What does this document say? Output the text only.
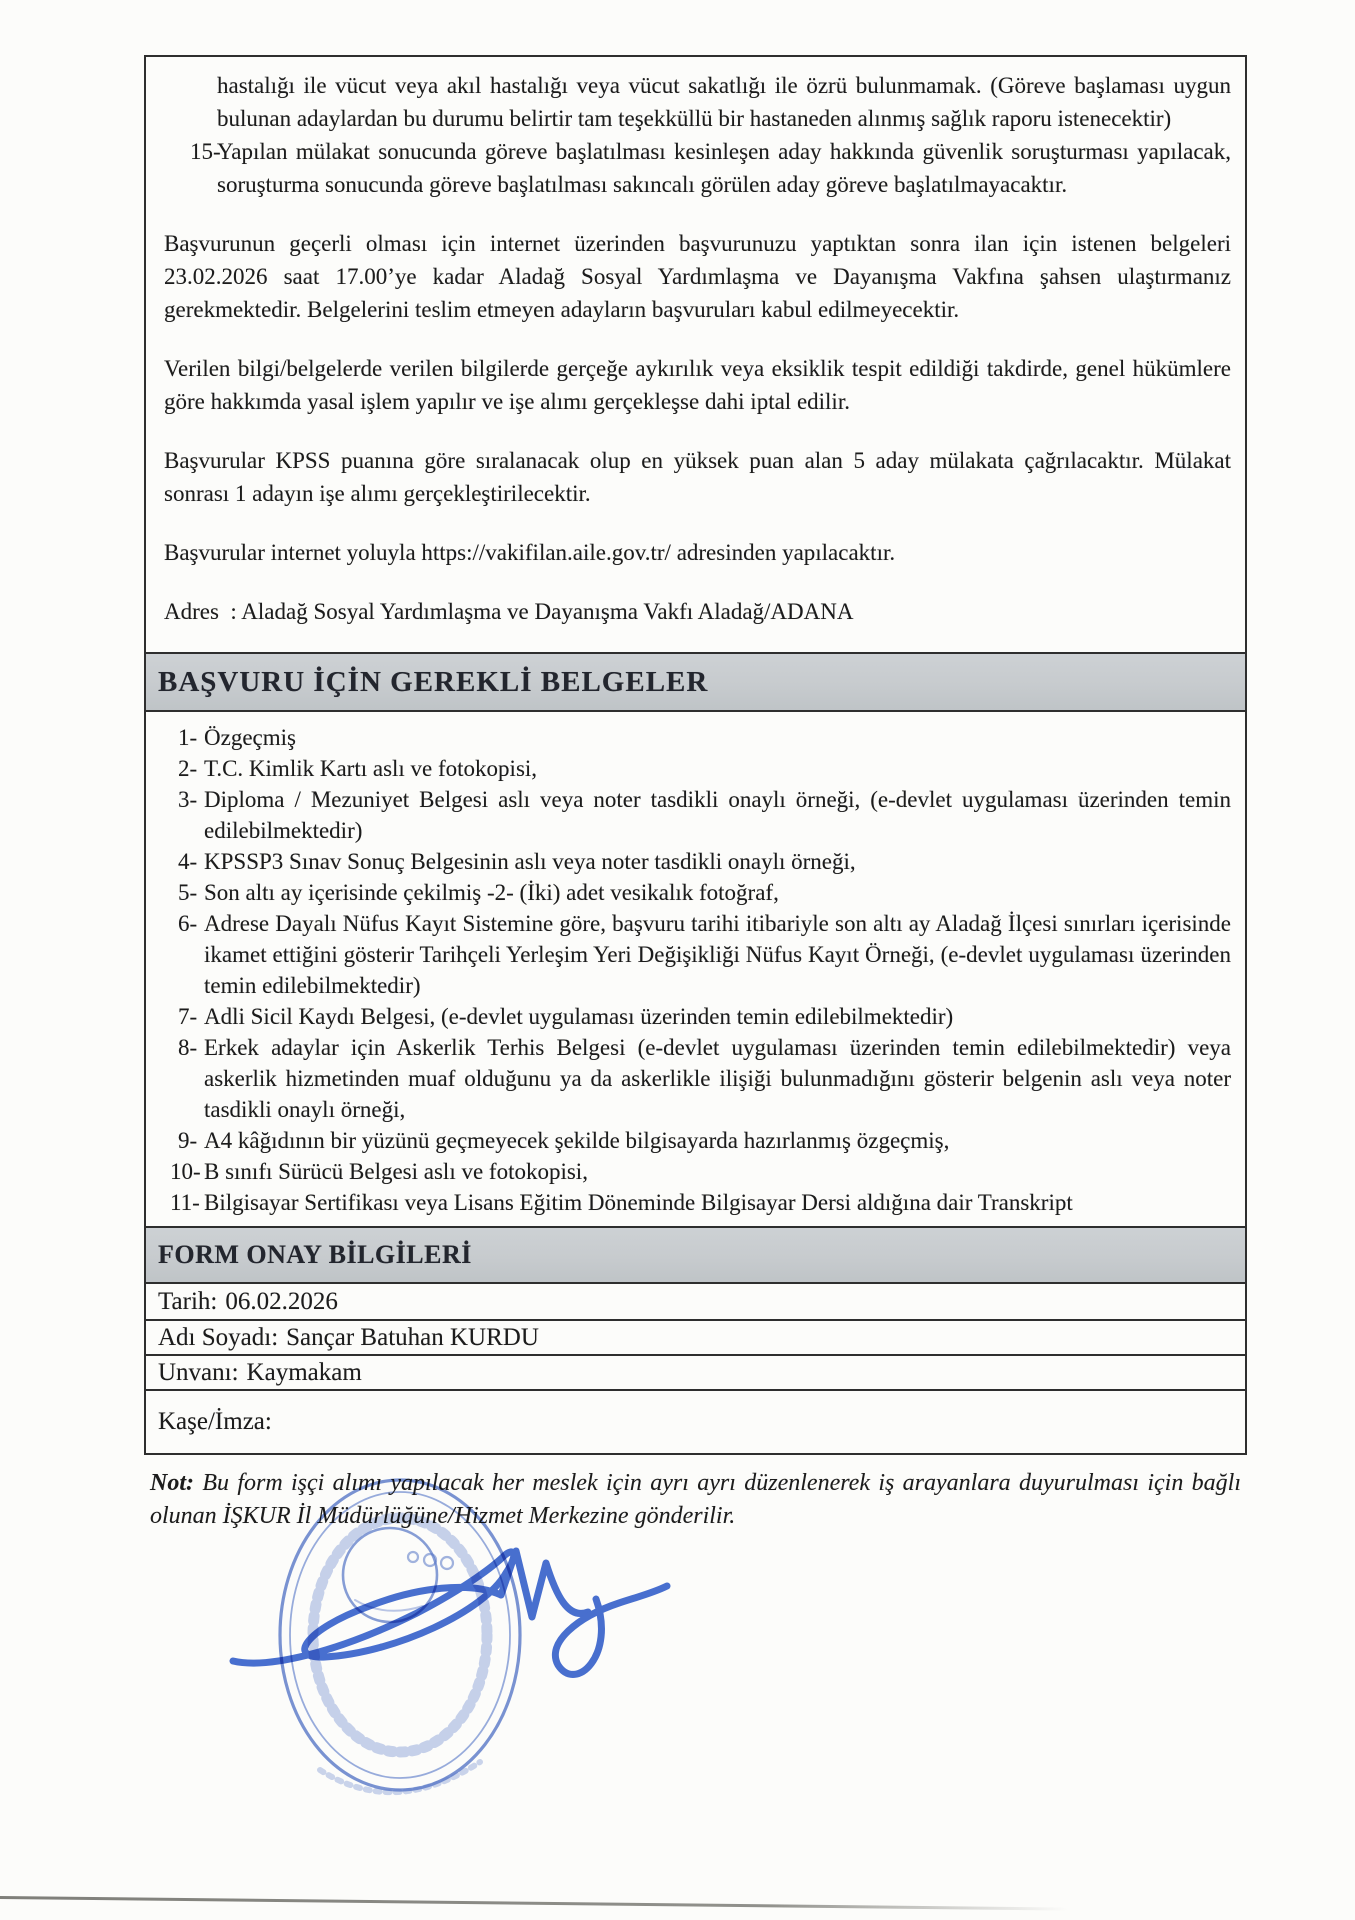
hastalığı ile vücut veya akıl hastalığı veya vücut sakatlığı ile özrü bulunmamak. (Göreve başlaması uygun bulunan adaylardan bu durumu belirtir tam teşekküllü bir hastaneden alınmış sağlık raporu istenecektir)
15-
Yapılan mülakat sonucunda göreve başlatılması kesinleşen aday hakkında güvenlik soruşturması yapılacak, soruşturma sonucunda göreve başlatılması sakıncalı görülen aday göreve başlatılmayacaktır.

Başvurunun geçerli olması için internet üzerinden başvurunuzu yaptıktan sonra ilan için istenen belgeleri 23.02.2026 saat 17.00’ye kadar Aladağ Sosyal Yardımlaşma ve Dayanışma Vakfına şahsen ulaştırmanız gerekmektedir. Belgelerini teslim etmeyen adayların başvuruları kabul edilmeyecektir.

Verilen bilgi/belgelerde verilen bilgilerde gerçeğe aykırılık veya eksiklik tespit edildiği takdirde, genel hükümlere göre hakkımda yasal işlem yapılır ve işe alımı gerçekleşse dahi iptal edilir.

Başvurular KPSS puanına göre sıralanacak olup en yüksek puan alan 5 aday mülakata çağrılacaktır. Mülakat sonrası 1 adayın işe alımı gerçekleştirilecektir.

Başvurular internet yoluyla https://vakifilan.aile.gov.tr/ adresinden yapılacaktır.

Adres  : Aladağ Sosyal Yardımlaşma ve Dayanışma Vakfı Aladağ/ADANA

BAŞVURU İÇİN GEREKLİ BELGELER
1- Özgeçmiş
2- T.C. Kimlik Kartı aslı ve fotokopisi,
3- Diploma / Mezuniyet Belgesi aslı veya noter tasdikli onaylı örneği, (e-devlet uygulaması üzerinden temin edilebilmektedir)
4- KPSSP3 Sınav Sonuç Belgesinin aslı veya noter tasdikli onaylı örneği,
5- Son altı ay içerisinde çekilmiş -2- (İki) adet vesikalık fotoğraf,
6- Adrese Dayalı Nüfus Kayıt Sistemine göre, başvuru tarihi itibariyle son altı ay Aladağ İlçesi sınırları içerisinde ikamet ettiğini gösterir Tarihçeli Yerleşim Yeri Değişikliği Nüfus Kayıt Örneği, (e-devlet uygulaması üzerinden temin edilebilmektedir)
7- Adli Sicil Kaydı Belgesi, (e-devlet uygulaması üzerinden temin edilebilmektedir)
8- Erkek adaylar için Askerlik Terhis Belgesi (e-devlet uygulaması üzerinden temin edilebilmektedir) veya askerlik hizmetinden muaf olduğunu ya da askerlikle ilişiği bulunmadığını gösterir belgenin aslı veya noter tasdikli onaylı örneği,
9- A4 kâğıdının bir yüzünü geçmeyecek şekilde bilgisayarda hazırlanmış özgeçmiş,
10- B sınıfı Sürücü Belgesi aslı ve fotokopisi,
11- Bilgisayar Sertifikası veya Lisans Eğitim Döneminde Bilgisayar Dersi aldığına dair Transkript
FORM ONAY BİLGİLERİ
Tarih: 06.02.2026
Adı Soyadı: Sançar Batuhan KURDU
Unvanı: Kaymakam
Kaşe/İmza:
Not: Bu form işçi alımı yapılacak her meslek için ayrı ayrı düzenlenerek iş arayanlara duyurulması için bağlı olunan İŞKUR İl Müdürlüğüne/Hizmet Merkezine gönderilir.
